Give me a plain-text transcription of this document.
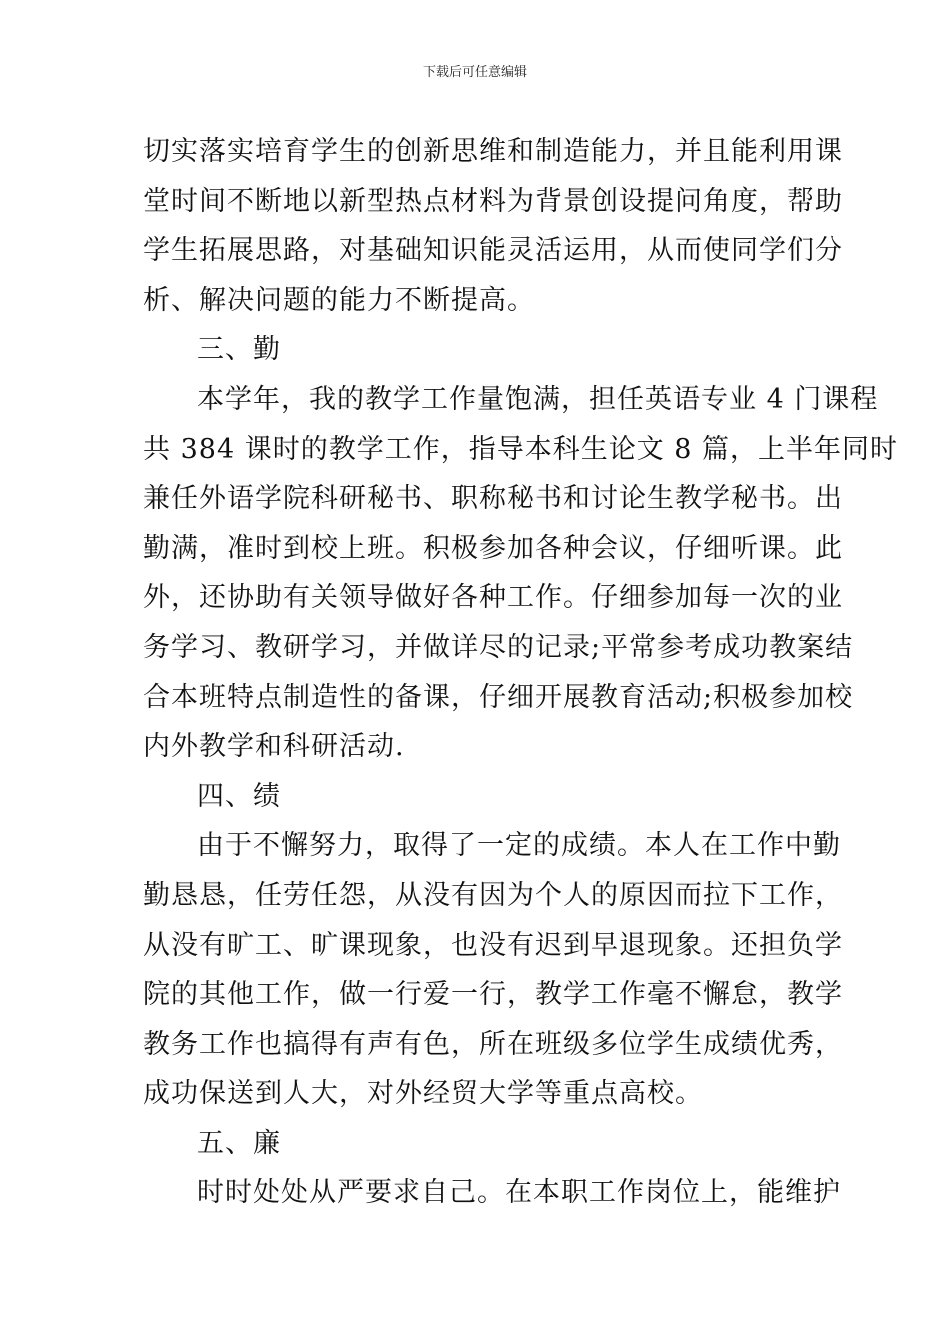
下载后可任意编辑
切实落实培育学生的创新思维和制造能力，并且能利用课
堂时间不断地以新型热点材料为背景创设提问角度，帮助
学生拓展思路，对基础知识能灵活运用，从而使同学们分
析、解决问题的能力不断提高。
三、勤
本学年，我的教学工作量饱满，担任英语专业 4 门课程
共 384 课时的教学工作，指导本科生论文 8 篇，上半年同时
兼任外语学院科研秘书、职称秘书和讨论生教学秘书。出
勤满，准时到校上班。积极参加各种会议，仔细听课。此
外，还协助有关领导做好各种工作。仔细参加每一次的业
务学习、教研学习，并做详尽的记录;平常参考成功教案结
合本班特点制造性的备课，仔细开展教育活动;积极参加校
内外教学和科研活动.
四、绩
由于不懈努力，取得了一定的成绩。本人在工作中勤
勤恳恳，任劳任怨，从没有因为个人的原因而拉下工作，
从没有旷工、旷课现象，也没有迟到早退现象。还担负学
院的其他工作，做一行爱一行，教学工作毫不懈怠，教学
教务工作也搞得有声有色，所在班级多位学生成绩优秀，
成功保送到人大，对外经贸大学等重点高校。
五、廉
时时处处从严要求自己。在本职工作岗位上，能维护
